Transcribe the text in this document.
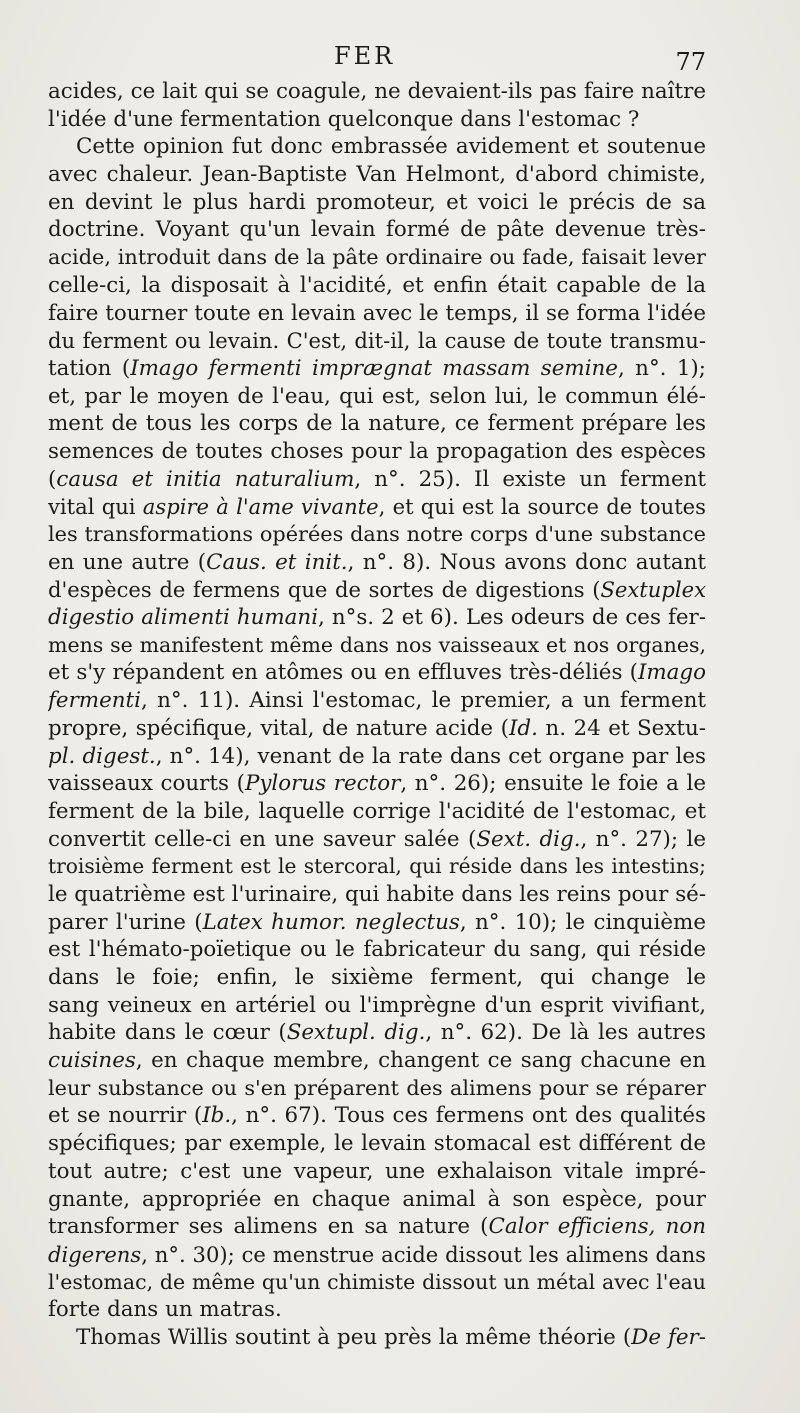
FER	77
acides, ce lait qui se coagule, ne devaient-ils pas faire naître
l'idée d'une fermentation quelconque dans l'estomac ?
Cette opinion fut donc embrassée avidement et soutenue
avec chaleur. Jean-Baptiste Van Helmont, d'abord chimiste,
en devint le plus hardi promoteur, et voici le précis de sa
doctrine. Voyant qu'un levain formé de pâte devenue très-
acide, introduit dans de la pâte ordinaire ou fade, faisait lever
celle-ci, la disposait à l'acidité, et enfin était capable de la
faire tourner toute en levain avec le temps, il se forma l'idée
du ferment ou levain. C'est, dit-il, la cause de toute transmu-
tation (Imago fermenti imprægnat massam semine, n°. 1);
et, par le moyen de l'eau, qui est, selon lui, le commun élé-
ment de tous les corps de la nature, ce ferment prépare les
semences de toutes choses pour la propagation des espèces
(causa et initia naturalium, n°. 25). Il existe un ferment
vital qui aspire à l'ame vivante, et qui est la source de toutes
les transformations opérées dans notre corps d'une substance
en une autre (Caus. et init., n°. 8). Nous avons donc autant
d'espèces de fermens que de sortes de digestions (Sextuplex
digestio alimenti humani, n°s. 2 et 6). Les odeurs de ces fer-
mens se manifestent même dans nos vaisseaux et nos organes,
et s'y répandent en atômes ou en effluves très-déliés (Imago
fermenti, n°. 11). Ainsi l'estomac, le premier, a un ferment
propre, spécifique, vital, de nature acide (Id. n. 24 et Sextu-
pl. digest., n°. 14), venant de la rate dans cet organe par les
vaisseaux courts (Pylorus rector, n°. 26); ensuite le foie a le
ferment de la bile, laquelle corrige l'acidité de l'estomac, et
convertit celle-ci en une saveur salée (Sext. dig., n°. 27); le
troisième ferment est le stercoral, qui réside dans les intestins;
le quatrième est l'urinaire, qui habite dans les reins pour sé-
parer l'urine (Latex humor. neglectus, n°. 10); le cinquième
est l'hémato-poïetique ou le fabricateur du sang, qui réside
dans le foie; enfin, le sixième ferment, qui change le
sang veineux en artériel ou l'imprègne d'un esprit vivifiant,
habite dans le cœur (Sextupl. dig., n°. 62). De là les autres
cuisines, en chaque membre, changent ce sang chacune en
leur substance ou s'en préparent des alimens pour se réparer
et se nourrir (Ib., n°. 67). Tous ces fermens ont des qualités
spécifiques; par exemple, le levain stomacal est différent de
tout autre; c'est une vapeur, une exhalaison vitale impré-
gnante, appropriée en chaque animal à son espèce, pour
transformer ses alimens en sa nature (Calor efficiens, non
digerens, n°. 30); ce menstrue acide dissout les alimens dans
l'estomac, de même qu'un chimiste dissout un métal avec l'eau
forte dans un matras.
Thomas Willis soutint à peu près la même théorie (De fer-
